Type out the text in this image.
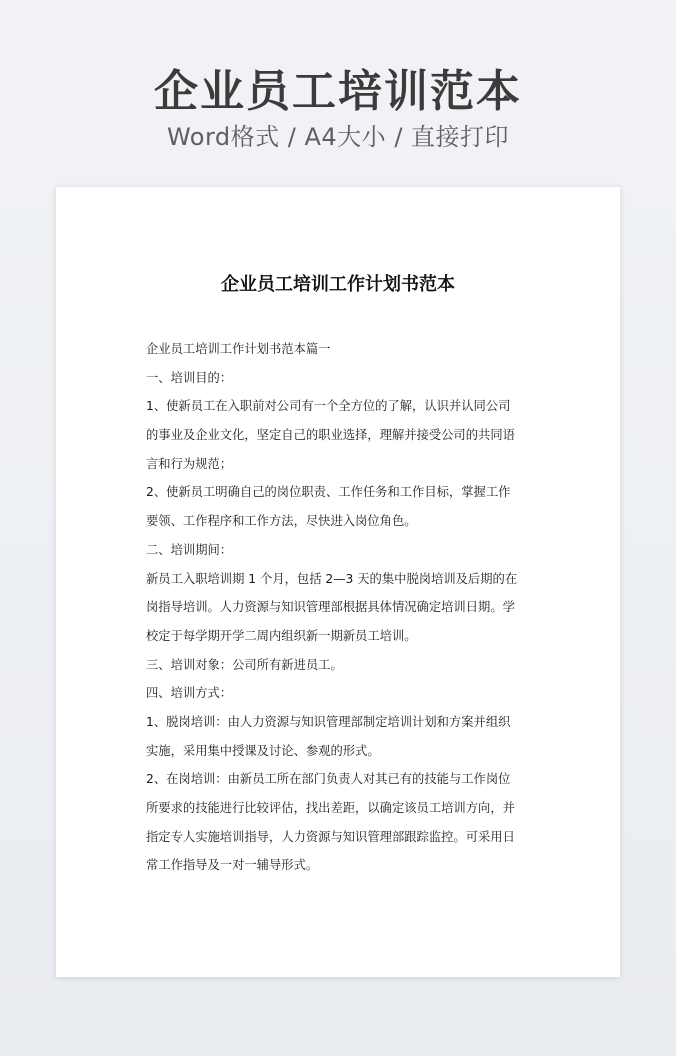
企业员工培训范本
Word格式 / A4大小 / 直接打印
企业员工培训工作计划书范本
企业员工培训工作计划书范本篇一
一、培训目的：
1、使新员工在入职前对公司有一个全方位的了解，认识并认同公司
的事业及企业文化，坚定自己的职业选择，理解并接受公司的共同语
言和行为规范；
2、使新员工明确自己的岗位职责、工作任务和工作目标，掌握工作
要领、工作程序和工作方法，尽快进入岗位角色。
二、培训期间：
新员工入职培训期 1 个月，包括 2—3 天的集中脱岗培训及后期的在
岗指导培训。人力资源与知识管理部根据具体情况确定培训日期。学
校定于每学期开学二周内组织新一期新员工培训。
三、培训对象：公司所有新进员工。
四、培训方式：
1、脱岗培训：由人力资源与知识管理部制定培训计划和方案并组织
实施，采用集中授课及讨论、参观的形式。
2、在岗培训：由新员工所在部门负责人对其已有的技能与工作岗位
所要求的技能进行比较评估，找出差距，以确定该员工培训方向，并
指定专人实施培训指导，人力资源与知识管理部跟踪监控。可采用日
常工作指导及一对一辅导形式。
